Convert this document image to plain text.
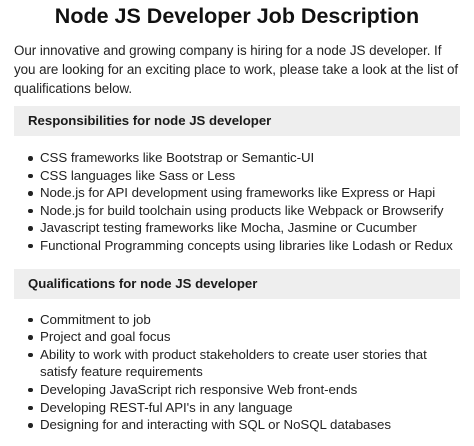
Node JS Developer Job Description

Our innovative and growing company is hiring for a node JS developer. If you are looking for an exciting place to work, please take a look at the list of qualifications below.

Responsibilities for node JS developer
CSS frameworks like Bootstrap or Semantic-UI
CSS languages like Sass or Less
Node.js for API development using frameworks like Express or Hapi
Node.js for build toolchain using products like Webpack or Browserify
Javascript testing frameworks like Mocha, Jasmine or Cucumber
Functional Programming concepts using libraries like Lodash or Redux
Qualifications for node JS developer
Commitment to job
Project and goal focus
Ability to work with product stakeholders to create user stories that satisfy feature requirements
Developing JavaScript rich responsive Web front-ends
Developing REST-ful API's in any language
Designing for and interacting with SQL or NoSQL databases
